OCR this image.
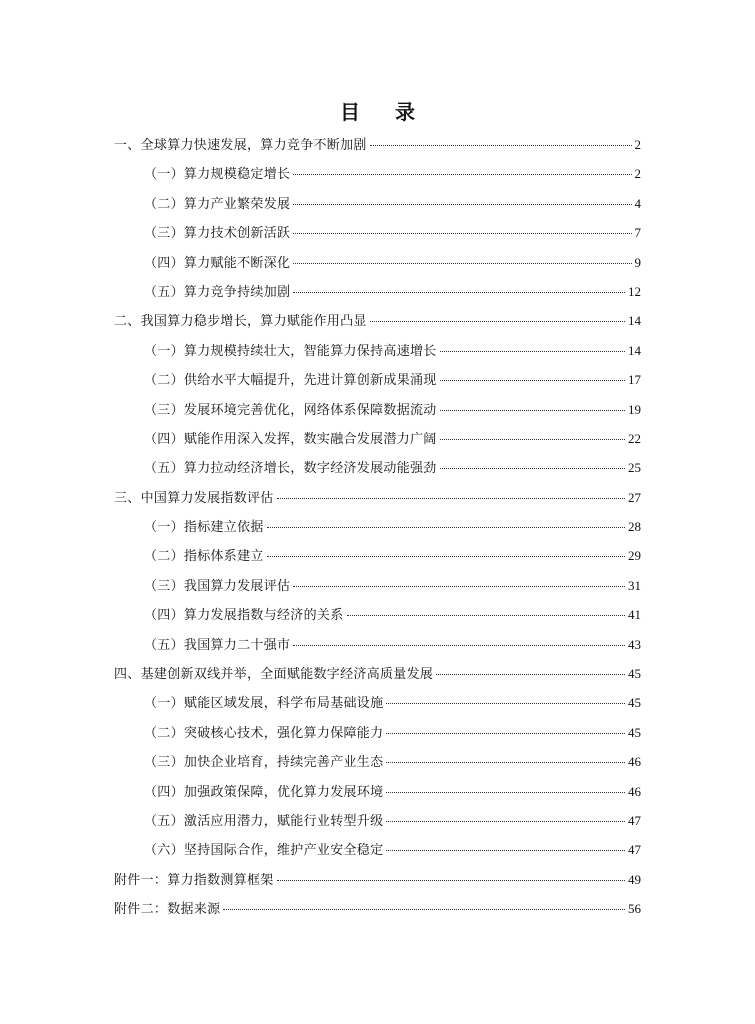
目 录
一、全球算力快速发展，算力竞争不断加剧	2
（一）算力规模稳定增长	2
（二）算力产业繁荣发展	4
（三）算力技术创新活跃	7
（四）算力赋能不断深化	9
（五）算力竞争持续加剧	12
二、我国算力稳步增长，算力赋能作用凸显	14
（一）算力规模持续壮大，智能算力保持高速增长	14
（二）供给水平大幅提升，先进计算创新成果涌现	17
（三）发展环境完善优化，网络体系保障数据流动	19
（四）赋能作用深入发挥，数实融合发展潜力广阔	22
（五）算力拉动经济增长，数字经济发展动能强劲	25
三、中国算力发展指数评估	27
（一）指标建立依据	28
（二）指标体系建立	29
（三）我国算力发展评估	31
（四）算力发展指数与经济的关系	41
（五）我国算力二十强市	43
四、基建创新双线并举，全面赋能数字经济高质量发展	45
（一）赋能区域发展，科学布局基础设施	45
（二）突破核心技术，强化算力保障能力	45
（三）加快企业培育，持续完善产业生态	46
（四）加强政策保障，优化算力发展环境	46
（五）激活应用潜力，赋能行业转型升级	47
（六）坚持国际合作，维护产业安全稳定	47
附件一：算力指数测算框架	49
附件二：数据来源	56
